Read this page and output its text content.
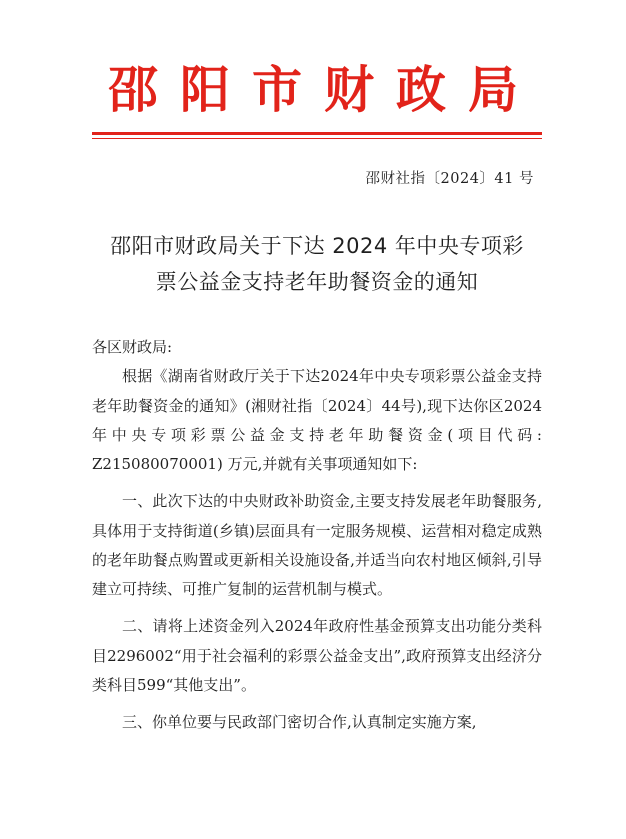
邵阳市财政局
邵财社指〔2024〕41 号
邵阳市财政局关于下达 2024 年中央专项彩
票公益金支持老年助餐资金的通知
各区财政局:

根据《湖南省财政厅关于下达2024年中央专项彩票公益金支持老年助餐资金的通知》(湘财社指〔2024〕44号),现下达你区2024年中央专项彩票公益金支持老年助餐资金(项目代码: Z215080070001) 万元,并就有关事项通知如下:

一、此次下达的中央财政补助资金,主要支持发展老年助餐服务,具体用于支持街道(乡镇)层面具有一定服务规模、运营相对稳定成熟的老年助餐点购置或更新相关设施设备,并适当向农村地区倾斜,引导建立可持续、可推广复制的运营机制与模式。

二、请将上述资金列入2024年政府性基金预算支出功能分类科目2296002“用于社会福利的彩票公益金支出”,政府预算支出经济分类科目599“其他支出”。

三、你单位要与民政部门密切合作,认真制定实施方案,
